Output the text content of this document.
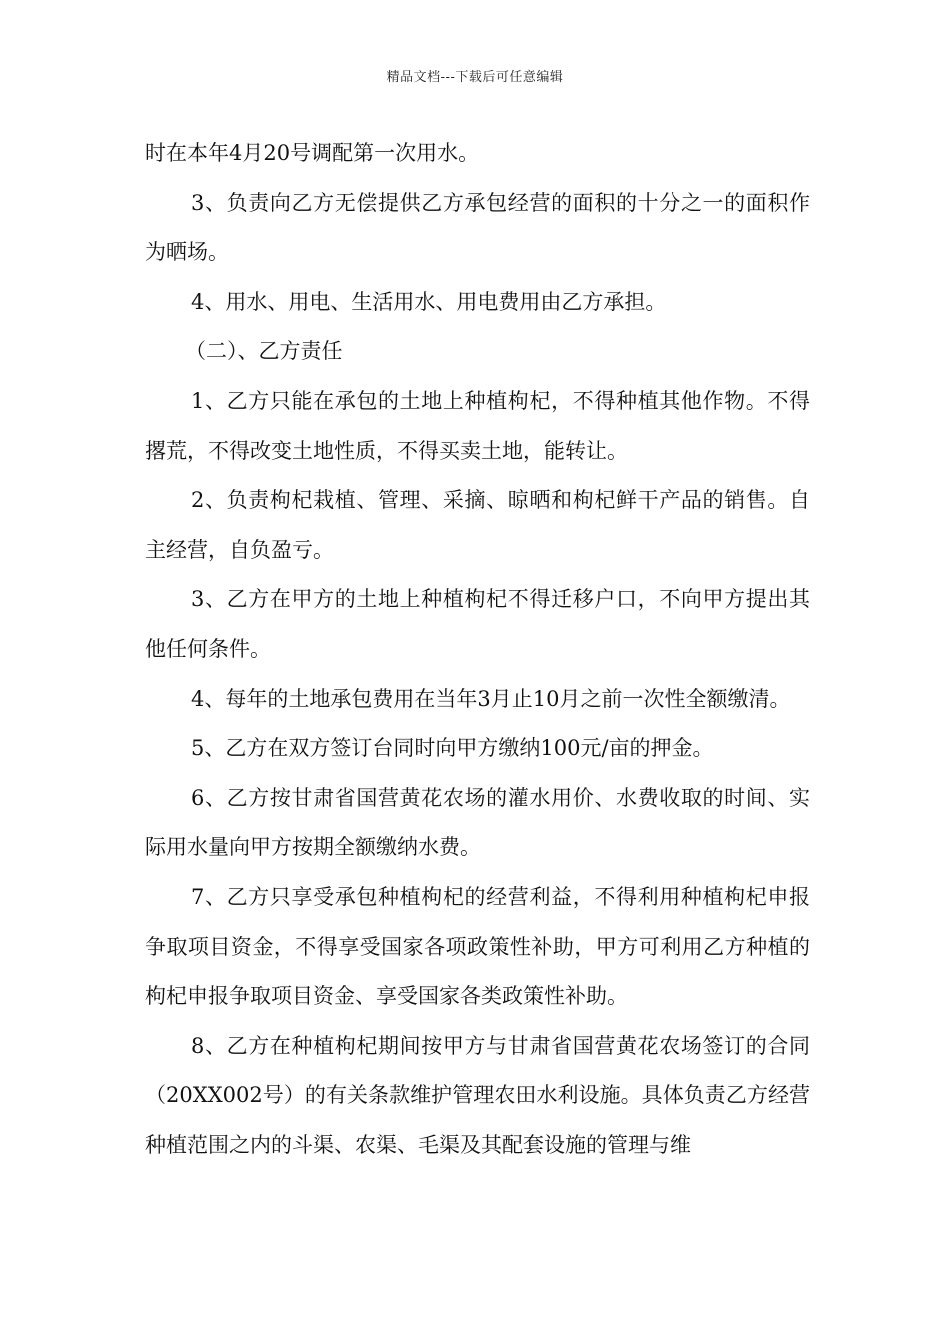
精品文档---下载后可任意编辑

时在本年4月20号调配第一次用水。

3、负责向乙方无偿提供乙方承包经营的面积的十分之一的面积作为晒场。

4、用水、用电、生活用水、用电费用由乙方承担。

（二）、乙方责任

1、乙方只能在承包的土地上种植枸杞，不得种植其他作物。不得撂荒，不得改变土地性质，不得买卖土地，能转让。

2、负责枸杞栽植、管理、采摘、晾晒和枸杞鲜干产品的销售。自主经营，自负盈亏。

3、乙方在甲方的土地上种植枸杞不得迁移户口，不向甲方提出其他任何条件。

4、每年的土地承包费用在当年3月止10月之前一次性全额缴清。

5、乙方在双方签订台同时向甲方缴纳100元/亩的押金。

6、乙方按甘肃省国营黄花农场的灌水用价、水费收取的时间、实际用水量向甲方按期全额缴纳水费。

7、乙方只享受承包种植枸杞的经营利益，不得利用种植枸杞申报争取项目资金，不得享受国家各项政策性补助，甲方可利用乙方种植的枸杞申报争取项目资金、享受国家各类政策性补助。

8、乙方在种植枸杞期间按甲方与甘肃省国营黄花农场签订的合同（20XX002号）的有关条款维护管理农田水利设施。具体负责乙方经营种植范围之内的斗渠、农渠、毛渠及其配套设施的管理与维
